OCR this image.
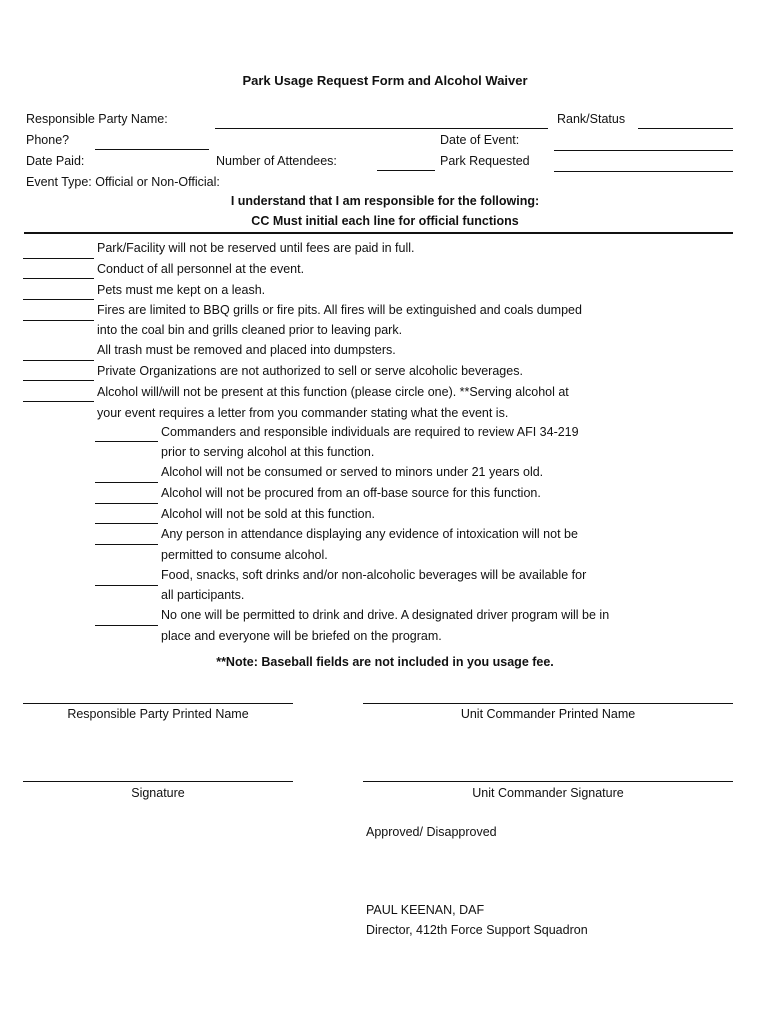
Park Usage Request Form and Alcohol Waiver
Responsible Party Name:	Rank/Status
Phone?	Date of Event:
Date Paid:	Number of Attendees:	Park Requested
Event Type: Official or Non-Official:
I understand that I am responsible for the following:
CC Must initial each line for official functions
Park/Facility will not be reserved until fees are paid in full.
Conduct of all personnel at the event.
Pets must me kept on a leash.
Fires are limited to BBQ grills or fire pits. All fires will be extinguished and coals dumped
into the coal bin and grills cleaned prior to leaving park.
All trash must be removed and placed into dumpsters.
Private Organizations are not authorized to sell or serve alcoholic beverages.
Alcohol will/will not be present at this function (please circle one). **Serving alcohol at
your event requires a letter from you commander stating what the event is.
Commanders and responsible individuals are required to review AFI 34-219
prior to serving alcohol at this function.
Alcohol will not be consumed or served to minors under 21 years old.
Alcohol will not be procured from an off-base source for this function.
Alcohol will not be sold at this function.
Any person in attendance displaying any evidence of intoxication will not be
permitted to consume alcohol.
Food, snacks, soft drinks and/or non-alcoholic beverages will be available for
all participants.
No one will be permitted to drink and drive. A designated driver program will be in
place and everyone will be briefed on the program.
**Note: Baseball fields are not included in you usage fee.
Responsible Party Printed Name	Unit Commander Printed Name
Signature	Unit Commander Signature
Approved/ Disapproved
PAUL KEENAN, DAF
Director, 412th Force Support Squadron
